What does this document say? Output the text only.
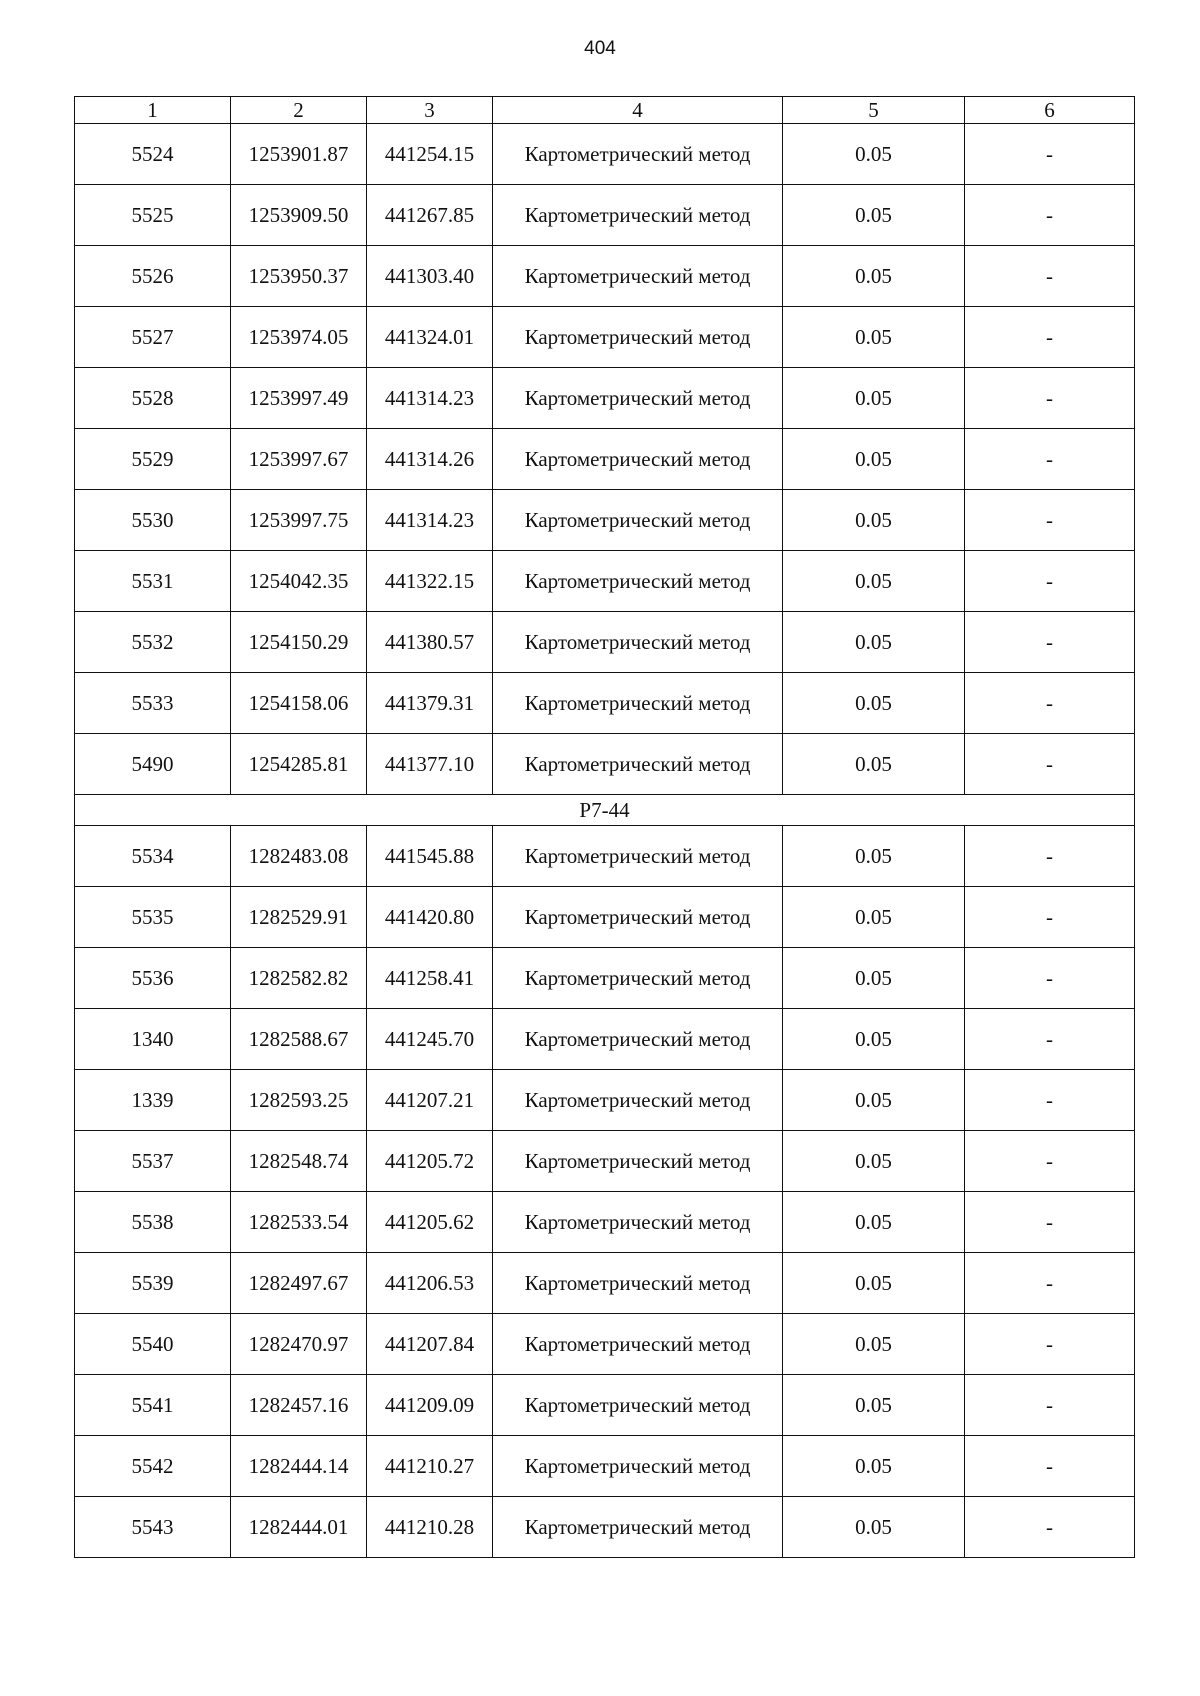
404
1	2	3	4	5	6
5524	1253901.87	441254.15	Картометрический метод	0.05	-
5525	1253909.50	441267.85	Картометрический метод	0.05	-
5526	1253950.37	441303.40	Картометрический метод	0.05	-
5527	1253974.05	441324.01	Картометрический метод	0.05	-
5528	1253997.49	441314.23	Картометрический метод	0.05	-
5529	1253997.67	441314.26	Картометрический метод	0.05	-
5530	1253997.75	441314.23	Картометрический метод	0.05	-
5531	1254042.35	441322.15	Картометрический метод	0.05	-
5532	1254150.29	441380.57	Картометрический метод	0.05	-
5533	1254158.06	441379.31	Картометрический метод	0.05	-
5490	1254285.81	441377.10	Картометрический метод	0.05	-
Р7-44					
5534	1282483.08	441545.88	Картометрический метод	0.05	-
5535	1282529.91	441420.80	Картометрический метод	0.05	-
5536	1282582.82	441258.41	Картометрический метод	0.05	-
1340	1282588.67	441245.70	Картометрический метод	0.05	-
1339	1282593.25	441207.21	Картометрический метод	0.05	-
5537	1282548.74	441205.72	Картометрический метод	0.05	-
5538	1282533.54	441205.62	Картометрический метод	0.05	-
5539	1282497.67	441206.53	Картометрический метод	0.05	-
5540	1282470.97	441207.84	Картометрический метод	0.05	-
5541	1282457.16	441209.09	Картометрический метод	0.05	-
5542	1282444.14	441210.27	Картометрический метод	0.05	-
5543	1282444.01	441210.28	Картометрический метод	0.05	-
